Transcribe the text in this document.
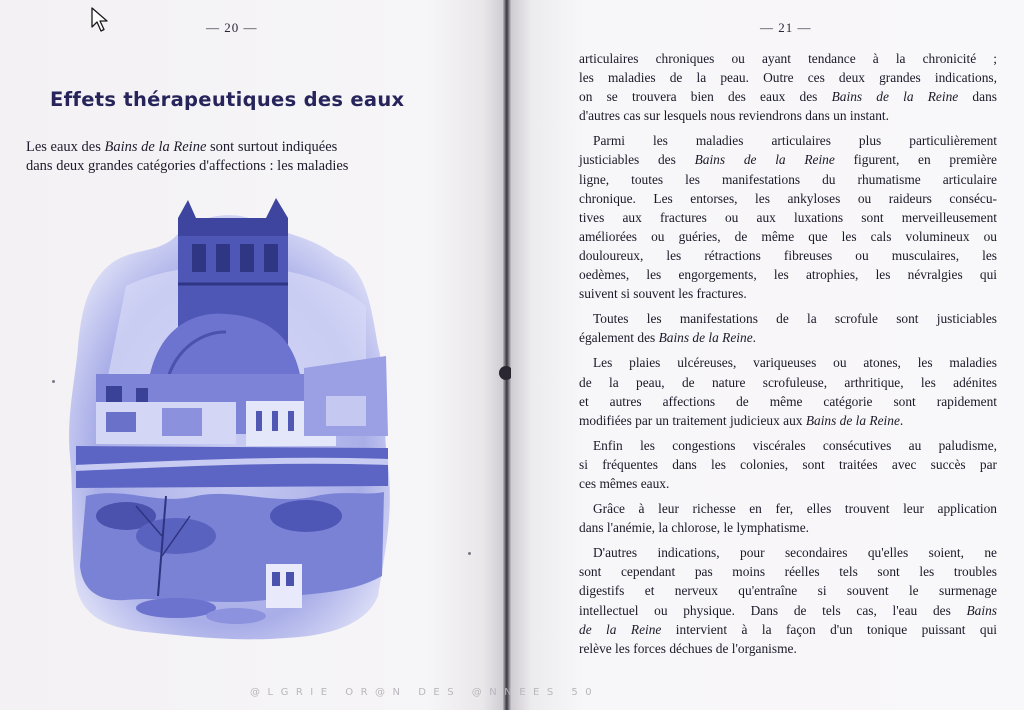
— 20 —
Effets thérapeutiques des eaux
Les eaux des Bains de la Reine sont surtout indiquées
dans deux grandes catégories d'affections : les maladies
— 21 —
articulaires chroniques ou ayant tendance à la chronicité ;
les maladies de la peau. Outre ces deux grandes indications,
on se trouvera bien des eaux des Bains de la Reine dans
d'autres cas sur lesquels nous reviendrons dans un instant.
Parmi les maladies articulaires plus particulièrement
justiciables des Bains de la Reine figurent, en première
ligne, toutes les manifestations du rhumatisme articulaire
chronique. Les entorses, les ankyloses ou raideurs consécu-
tives aux fractures ou aux luxations sont merveilleusement
améliorées ou guéries, de même que les cals volumineux ou
douloureux, les rétractions fibreuses ou musculaires, les
oedèmes, les engorgements, les atrophies, les névralgies qui
suivent si souvent les fractures.
Toutes les manifestations de la scrofule sont justiciables
également des Bains de la Reine.
Les plaies ulcéreuses, variqueuses ou atones, les maladies
de la peau, de nature scrofuleuse, arthritique, les adénites
et autres affections de même catégorie sont rapidement
modifiées par un traitement judicieux aux Bains de la Reine.
Enfin les congestions viscérales consécutives au paludisme,
si fréquentes dans les colonies, sont traitées avec succès par
ces mêmes eaux.
Grâce à leur richesse en fer, elles trouvent leur application
dans l'anémie, la chlorose, le lymphatisme.
D'autres indications, pour secondaires qu'elles soient, ne
sont cependant pas moins réelles tels sont les troubles
digestifs et nerveux qu'entraîne si souvent le surmenage
intellectuel ou physique. Dans de tels cas, l'eau des Bains
de la Reine intervient à la façon d'un tonique puissant qui
relève les forces déchues de l'organisme.
@LGRIE OR@N DES @NNEES 50
